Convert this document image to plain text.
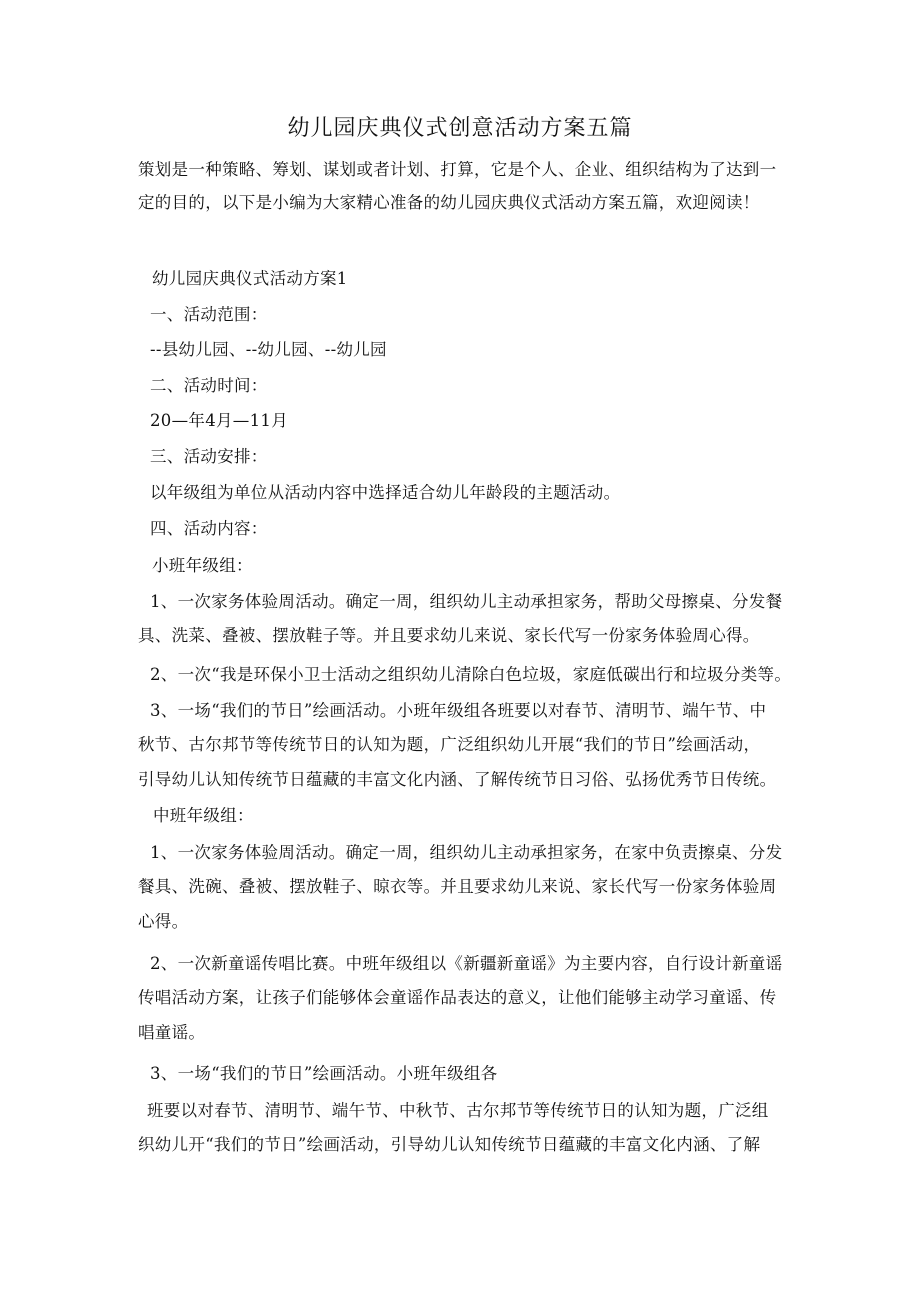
幼儿园庆典仪式创意活动方案五篇
策划是一种策略、筹划、谋划或者计划、打算，它是个人、企业、组织结构为了达到一
定的目的，以下是小编为大家精心准备的幼儿园庆典仪式活动方案五篇，欢迎阅读！
幼儿园庆典仪式活动方案1
一、活动范围：
--县幼儿园、--幼儿园、--幼儿园
二、活动时间：
20—年4月—11月
三、活动安排：
以年级组为单位从活动内容中选择适合幼儿年龄段的主题活动。
四、活动内容：
小班年级组：
1、一次家务体验周活动。确定一周，组织幼儿主动承担家务，帮助父母擦桌、分发餐
具、洗菜、叠被、摆放鞋子等。并且要求幼儿来说、家长代写一份家务体验周心得。
2、一次“我是环保小卫士活动之组织幼儿清除白色垃圾，家庭低碳出行和垃圾分类等。
3、一场“我们的节日”绘画活动。小班年级组各班要以对春节、清明节、端午节、中
秋节、古尔邦节等传统节日的认知为题，广泛组织幼儿开展“我们的节日”绘画活动，
引导幼儿认知传统节日蕴藏的丰富文化内涵、了解传统节日习俗、弘扬优秀节日传统。
中班年级组：
1、一次家务体验周活动。确定一周，组织幼儿主动承担家务，在家中负责擦桌、分发
餐具、洗碗、叠被、摆放鞋子、晾衣等。并且要求幼儿来说、家长代写一份家务体验周
心得。
2、一次新童谣传唱比赛。中班年级组以《新疆新童谣》为主要内容，自行设计新童谣
传唱活动方案，让孩子们能够体会童谣作品表达的意义，让他们能够主动学习童谣、传
唱童谣。
3、一场“我们的节日”绘画活动。小班年级组各
班要以对春节、清明节、端午节、中秋节、古尔邦节等传统节日的认知为题，广泛组
织幼儿开“我们的节日”绘画活动，引导幼儿认知传统节日蕴藏的丰富文化内涵、了解
